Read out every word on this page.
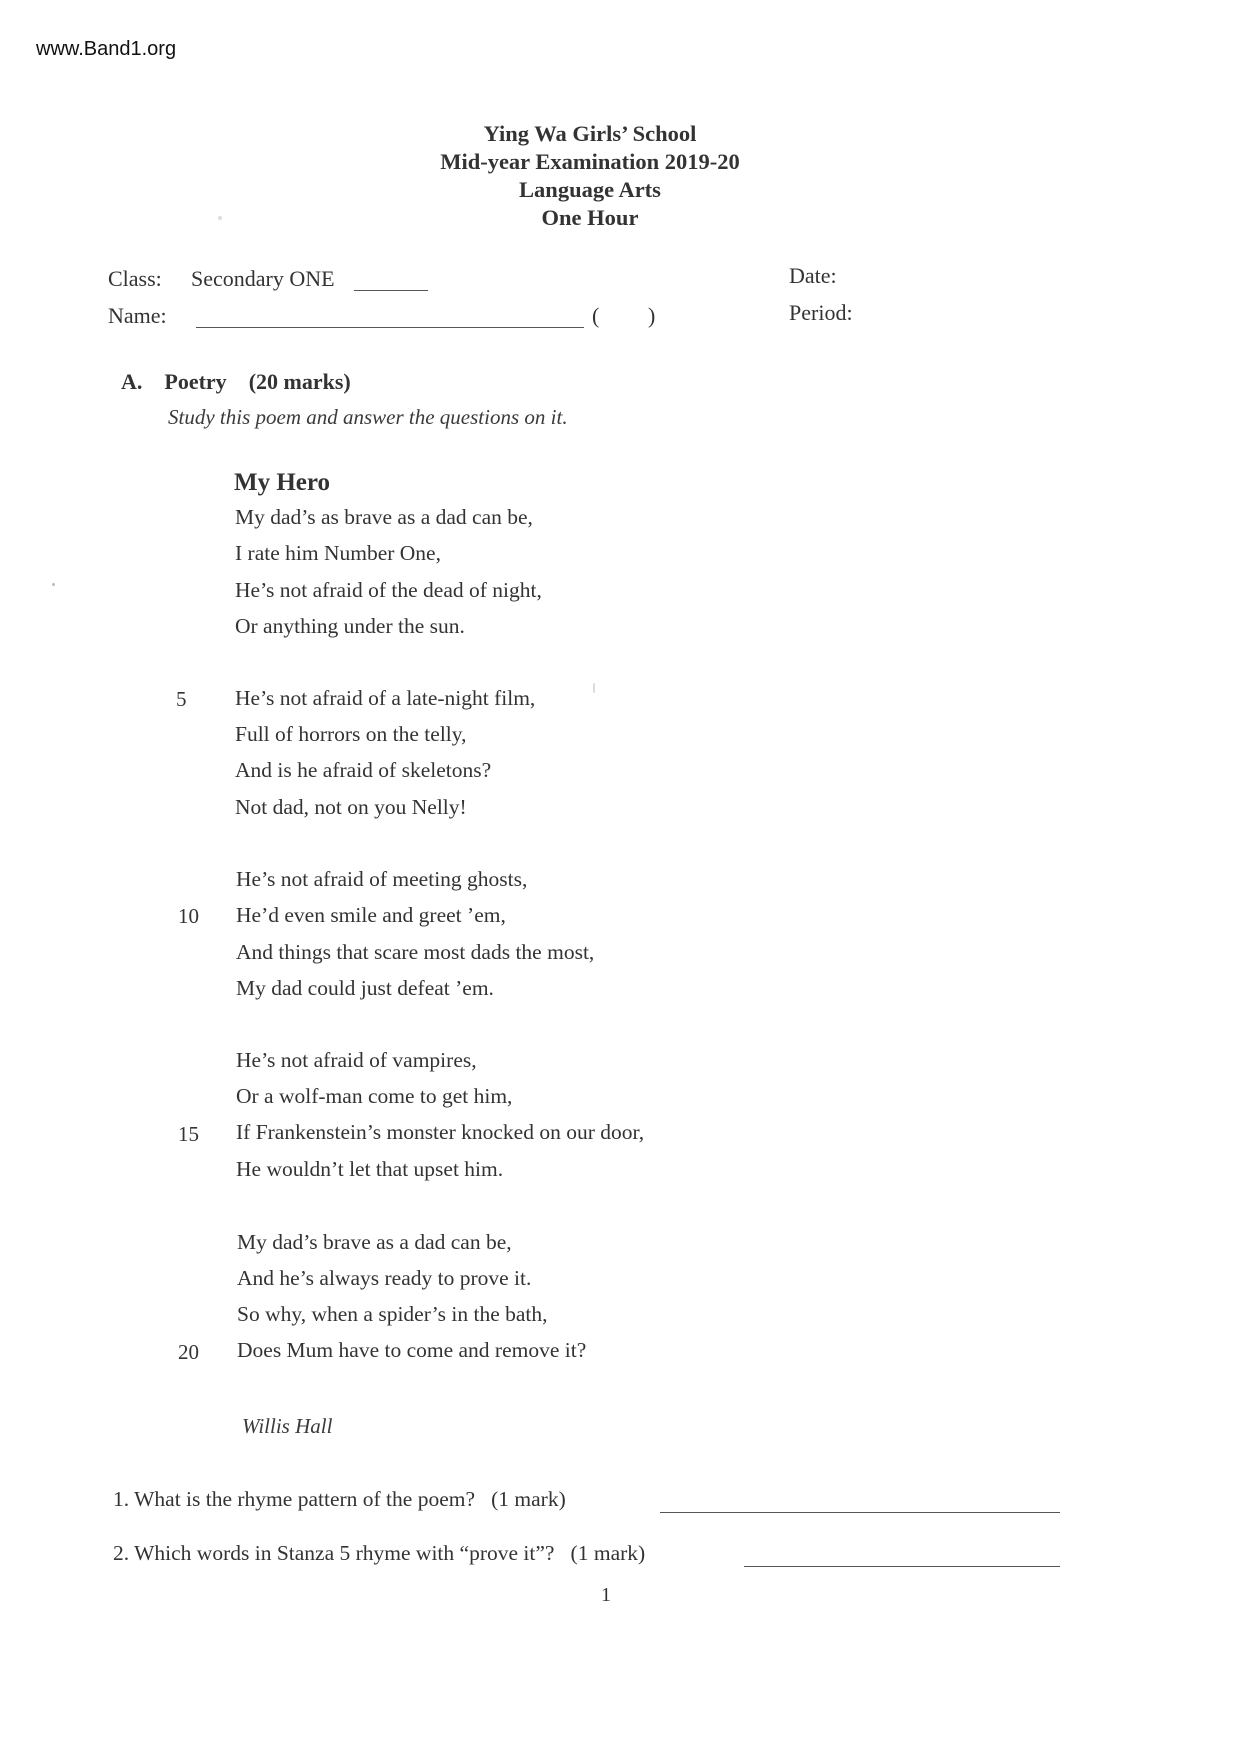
www.Band1.org
Ying Wa Girls’ School
Mid-year Examination 2019-20
Language Arts
One Hour
Class: Secondary ONE
Name:	( )
Date:
Period:
A. Poetry (20 marks)
Study this poem and answer the questions on it.
My Hero
My dad’s as brave as a dad can be,
I rate him Number One,
He’s not afraid of the dead of night,
Or anything under the sun.
5 He’s not afraid of a late-night film,
Full of horrors on the telly,
And is he afraid of skeletons?
Not dad, not on you Nelly!
He’s not afraid of meeting ghosts,
10 He’d even smile and greet ’em,
And things that scare most dads the most,
My dad could just defeat ’em.
He’s not afraid of vampires,
Or a wolf-man come to get him,
15 If Frankenstein’s monster knocked on our door,
He wouldn’t let that upset him.
My dad’s brave as a dad can be,
And he’s always ready to prove it.
So why, when a spider’s in the bath,
20 Does Mum have to come and remove it?
Willis Hall
1. What is the rhyme pattern of the poem?   (1 mark)
2. Which words in Stanza 5 rhyme with “prove it”?   (1 mark)
1
